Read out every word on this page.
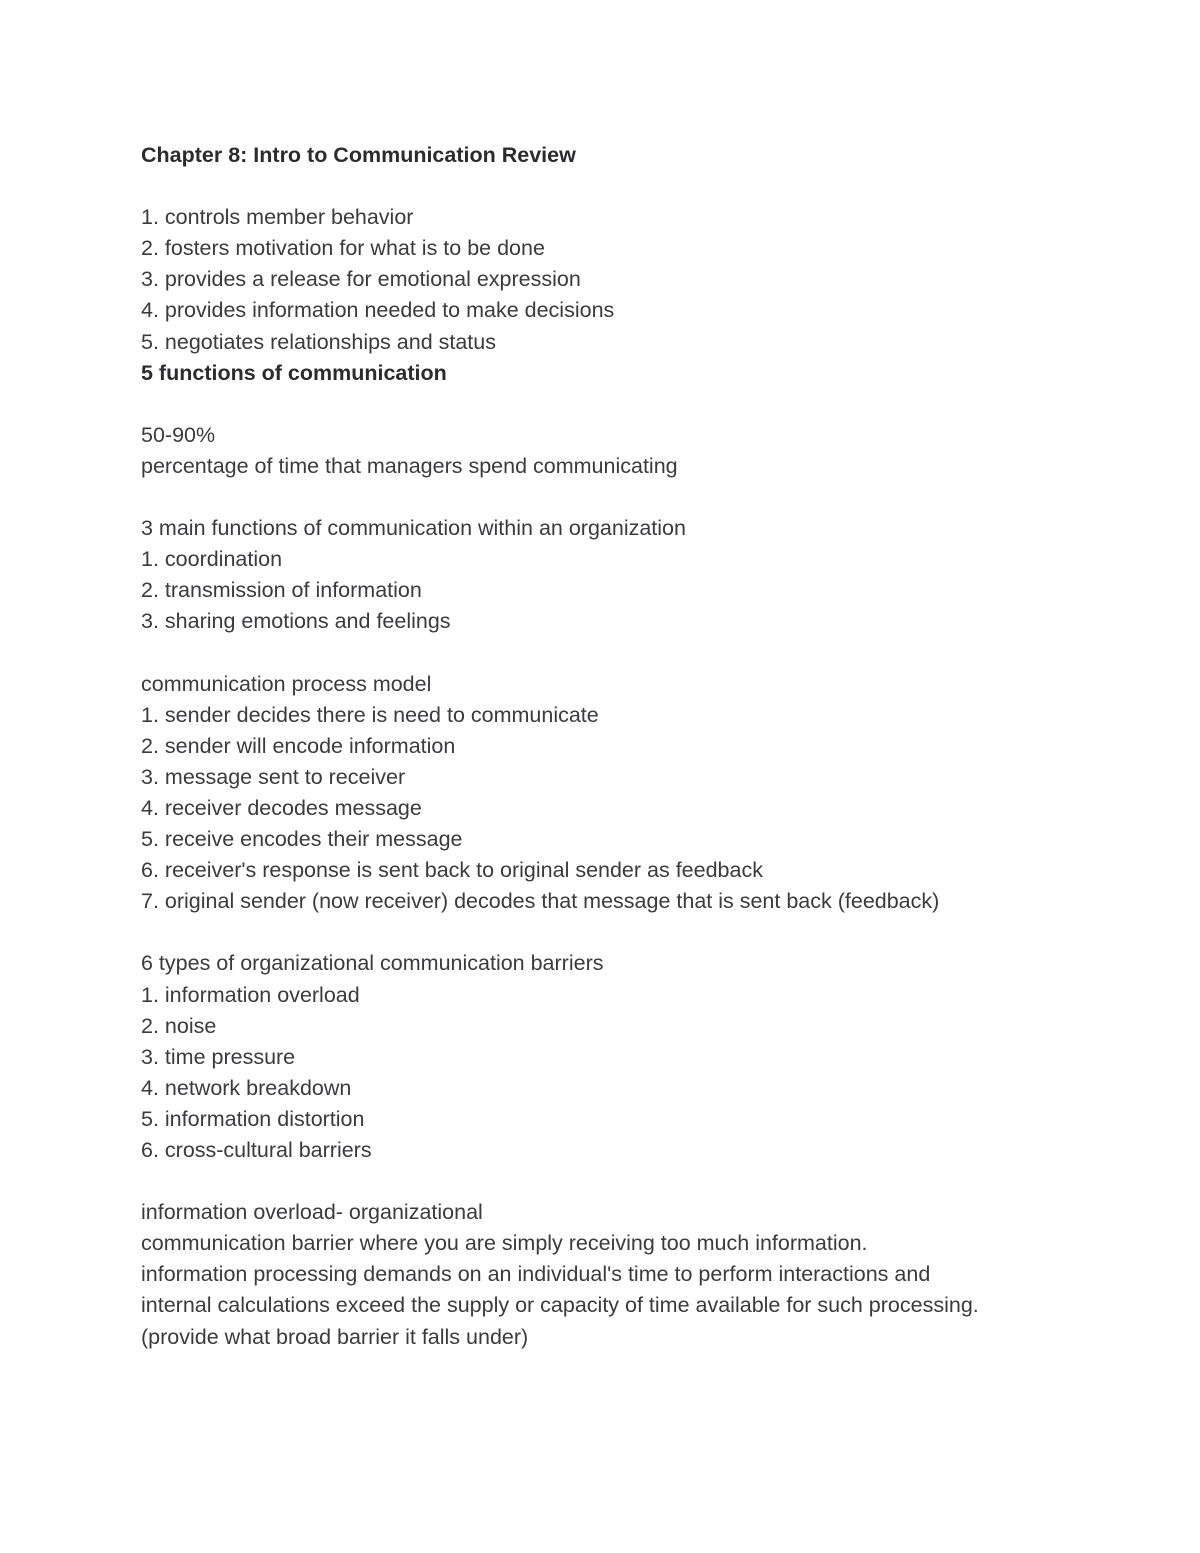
Chapter 8: Intro to Communication Review
1. controls member behavior
2. fosters motivation for what is to be done
3. provides a release for emotional expression
4. provides information needed to make decisions
5. negotiates relationships and status
5 functions of communication
50-90%
percentage of time that managers spend communicating
3 main functions of communication within an organization
1. coordination
2. transmission of information
3. sharing emotions and feelings
communication process model
1. sender decides there is need to communicate
2. sender will encode information
3. message sent to receiver
4. receiver decodes message
5. receive encodes their message
6. receiver's response is sent back to original sender as feedback
7. original sender (now receiver) decodes that message that is sent back (feedback)
6 types of organizational communication barriers
1. information overload
2. noise
3. time pressure
4. network breakdown
5. information distortion
6. cross-cultural barriers
information overload- organizational
communication barrier where you are simply receiving too much information.
information processing demands on an individual's time to perform interactions and
internal calculations exceed the supply or capacity of time available for such processing.
(provide what broad barrier it falls under)
